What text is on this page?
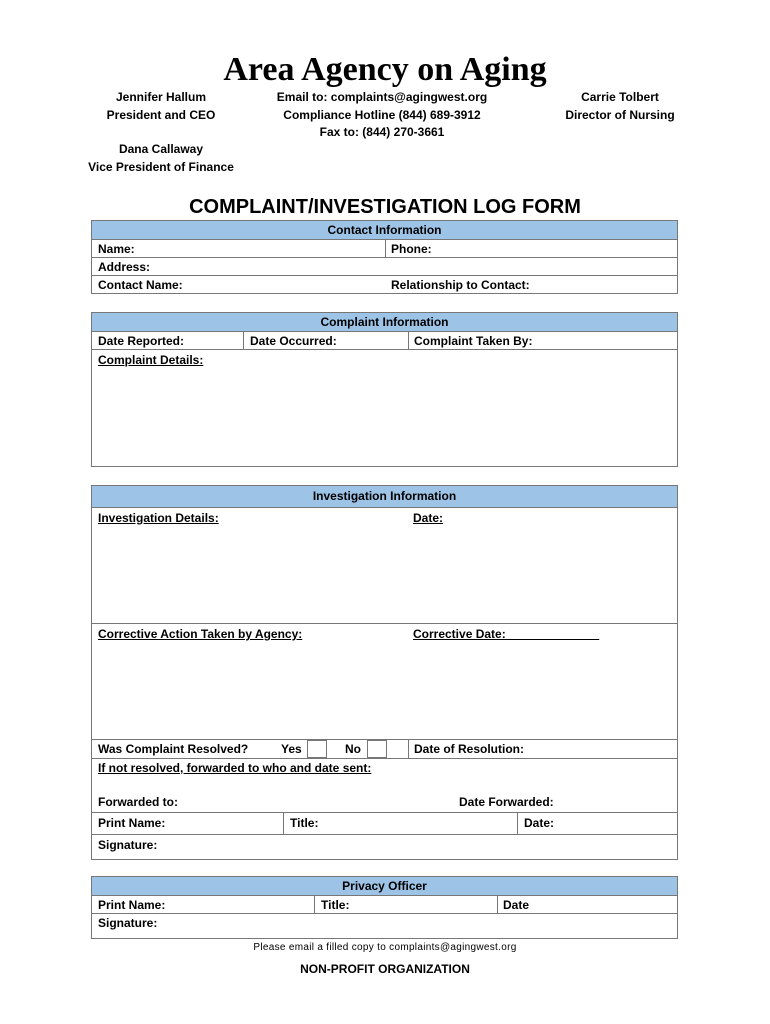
Area Agency on Aging
Jennifer Hallum
President and CEO
Dana Callaway
Vice President of Finance
Email to: complaints@agingwest.org
Compliance Hotline (844) 689-3912
Fax to: (844) 270-3661
Carrie Tolbert
Director of Nursing
COMPLAINT/INVESTIGATION LOG FORM
Contact Information
Name:	Phone:
Address:
Contact Name:	Relationship to Contact:
Complaint Information
Date Reported:	Date Occurred:	Complaint Taken By:
Complaint Details:
Investigation Information
Investigation Details:	Date:
Corrective Action Taken by Agency:	Corrective Date:______________
Was Complaint Resolved?	Yes	No	Date of Resolution:
If not resolved, forwarded to who and date sent:
Forwarded to:	Date Forwarded:
Print Name:	Title:	Date:
Signature:
Privacy Officer
Print Name:	Title:	Date
Signature:
Please email a filled copy to complaints@agingwest.org
NON-PROFIT ORGANIZATION
